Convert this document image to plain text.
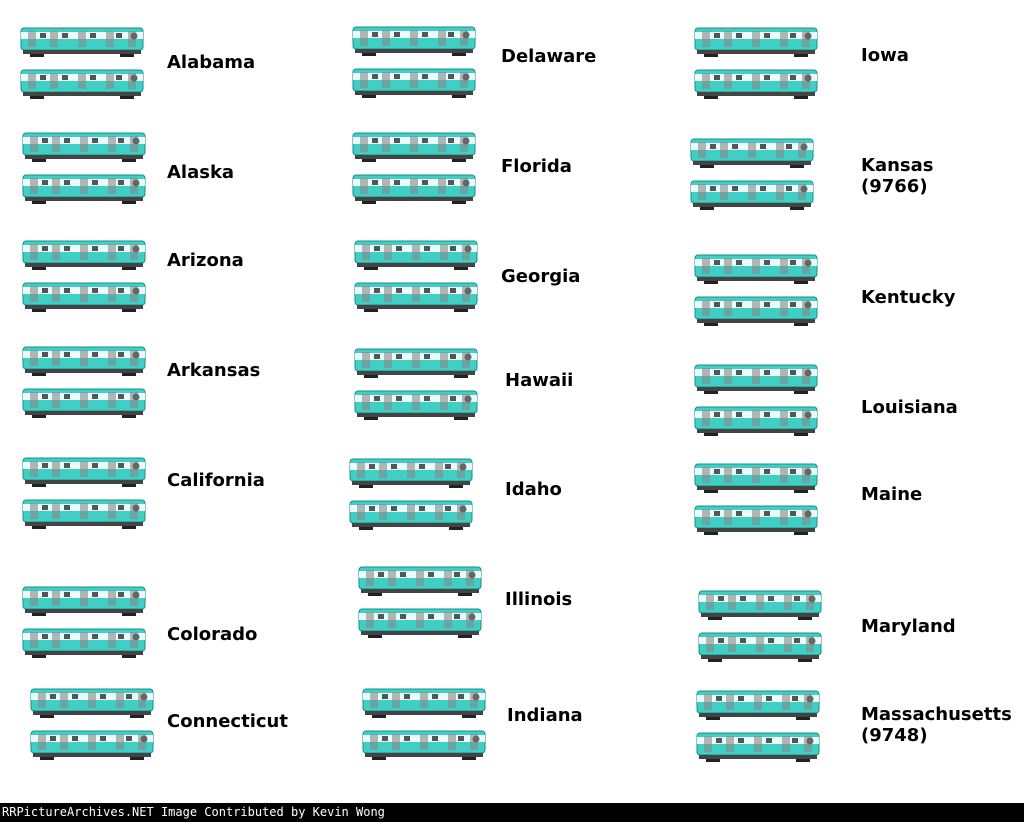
Alabama
Alaska
Arizona
Arkansas
California
Colorado
Connecticut
Delaware
Florida
Georgia
Hawaii
Idaho
Illinois
Indiana
Iowa
Kansas
(9766)
Kentucky
Louisiana
Maine
Maryland
Massachusetts
(9748)
RRPictureArchives.NET Image Contributed by Kevin Wong
